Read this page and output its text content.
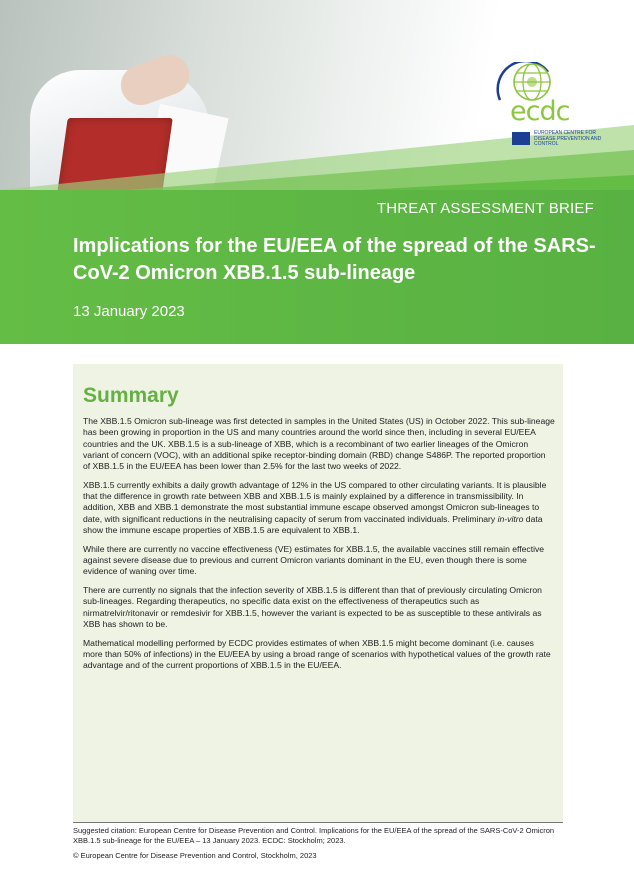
THREAT ASSESSMENT BRIEF
Implications for the EU/EEA of the spread of the SARS-CoV-2 Omicron XBB.1.5 sub-lineage
13 January 2023
ecdc
EUROPEAN CENTRE FOR DISEASE PREVENTION AND CONTROL
Summary

The XBB.1.5 Omicron sub-lineage was first detected in samples in the United States (US) in October 2022. This sub-lineage has been growing in proportion in the US and many countries around the world since then, including in several EU/EEA countries and the UK. XBB.1.5 is a sub-lineage of XBB, which is a recombinant of two earlier lineages of the Omicron variant of concern (VOC), with an additional spike receptor-binding domain (RBD) change S486P. The reported proportion of XBB.1.5 in the EU/EEA has been lower than 2.5% for the last two weeks of 2022.

XBB.1.5 currently exhibits a daily growth advantage of 12% in the US compared to other circulating variants. It is plausible that the difference in growth rate between XBB and XBB.1.5 is mainly explained by a difference in transmissibility. In addition, XBB and XBB.1 demonstrate the most substantial immune escape observed amongst Omicron sub-lineages to date, with significant reductions in the neutralising capacity of serum from vaccinated individuals. Preliminary in-vitro data show the immune escape properties of XBB.1.5 are equivalent to XBB.1.

While there are currently no vaccine effectiveness (VE) estimates for XBB.1.5, the available vaccines still remain effective against severe disease due to previous and current Omicron variants dominant in the EU, even though there is some evidence of waning over time.

There are currently no signals that the infection severity of XBB.1.5 is different than that of previously circulating Omicron sub-lineages. Regarding therapeutics, no specific data exist on the effectiveness of therapeutics such as nirmatrelvir/ritonavir or remdesivir for XBB.1.5, however the variant is expected to be as susceptible to these antivirals as XBB has shown to be.

Mathematical modelling performed by ECDC provides estimates of when XBB.1.5 might become dominant (i.e. causes more than 50% of infections) in the EU/EEA by using a broad range of scenarios with hypothetical values of the growth rate advantage and of the current proportions of XBB.1.5 in the EU/EEA.

Suggested citation: European Centre for Disease Prevention and Control. Implications for the EU/EEA of the spread of the SARS-CoV-2 Omicron XBB.1.5 sub-lineage for the EU/EEA – 13 January 2023. ECDC: Stockholm; 2023.

© European Centre for Disease Prevention and Control, Stockholm, 2023
